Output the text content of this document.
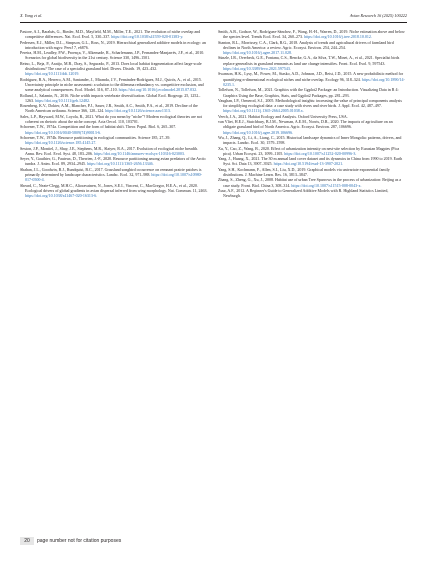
X. Yang et al.	Avian Research 16 (2025) 100222

Pastore, A.I., Barabás, G., Bimler, M.D., Mayfield, M.M., Miller, T.E., 2021. The evolution of niche overlap and competitive differences. Nat. Ecol. Evol. 5, 330–337. https://doi.org/10.1038/s41559-020-01383-y.

Pedersen, E.J., Miller, D.L., Simpson, G.L., Ross, N., 2019. Hierarchical generalized additive models in ecology: an introduction with mgcv. PeerJ 7, e6876.

Pereira, H.M., Leadley, P.W., Proença, V., Alkemade, R., Scharlemann, J.P., Fernandez-Manjarrés, J.F., et al., 2010. Scenarios for global biodiversity in the 21st century. Science 330, 1496–1501.

Reino, L., Beja, P., Araújo, M.B., Dray, S., Segurado, P., 2013. Does local habitat fragmentation affect large-scale distributions? The case of a specialist grassland bird. Divers. Distrib. 19, 423–432. https://doi.org/10.1111/ddi.12019.

Rodríguez, B.A., Herrero, A.M., Santander, J., Miranda, J.V., Fernández-Rodríguez, M.J., Quirós, A., et al., 2015. Uncertainty principle in niche assessment: a solution to the dilemma redundancy vs. competitive exclusion, and some analytical consequences. Ecol. Model. 316, 87–110. https://doi.org/10.1016/j.ecolmodel.2015.07.032.

Rolland, J., Salamin, N., 2016. Niche width impacts vertebrate diversification. Global Ecol. Biogeogr. 25, 1252–1263. https://doi.org/10.1111/geb.12482.

Rosenberg, K.V., Dokter, A.M., Blancher, P.J., Sauer, J.R., Smith, A.C., Smith, P.A., et al., 2019. Decline of the North American avifauna. Science 366, 120–124. https://doi.org/10.1126/science.aaw1313.

Sales, L.P., Hayward, M.W., Loyola, R., 2021. What do you mean by "niche"? Modern ecological theories are not coherent on rhetoric about the niche concept. Acta Oecol. 110, 103701.

Schoener, T.W., 1974a. Competition and the form of habitat shift. Theor. Popul. Biol. 6, 265–307. https://doi.org/10.1016/0040-5809(74)90013-6.

Schoener, T.W., 1974b. Resource partitioning in ecological communities. Science 185, 27–39. https://doi.org/10.1126/science.185.4145.27.

Sexton, J.P., Montiel, J., Shay, J.E., Stephens, M.R., Slatyer, R.A., 2017. Evolution of ecological niche breadth. Annu. Rev. Ecol. Evol. Syst. 48, 183–206. https://doi.org/10.1146/annurev-ecolsys-110316-023003.

Seyer, Y., Gauthier, G., Fauteux, D., Therrien, J.-F., 2020. Resource partitioning among avian predators of the Arctic tundra. J. Anim. Ecol. 89, 2934–2945. https://doi.org/10.1111/1365-2656.13346.

Shahan, J.L., Goodwin, B.J., Rundquist, B.C., 2017. Grassland songbird occurrence on remnant prairie patches is primarily determined by landscape characteristics. Landsc. Ecol. 32, 971–988. https://doi.org/10.1007/s10980-017-0500-4.

Sheard, C., Neate-Clegg, M.H.C., Alioravainen, N., Jones, S.E.I., Vincent, C., MacGregor, H.E.A., et al., 2020. Ecological drivers of global gradients in avian dispersal inferred from wing morphology. Nat. Commun. 11, 2463. https://doi.org/10.1038/s41467-020-16313-6.

Smith, A.B., Godsoe, W., Rodríguez-Sánchez, F., Wang, H.-H., Warren, D., 2019. Niche estimation above and below the species level. Trends Ecol. Evol. 34, 260–273. https://doi.org/10.1016/j.tree.2018.10.012.

Stanton, R.L., Morrissey, C.A., Clark, R.G., 2018. Analysis of trends and agricultural drivers of farmland bird declines in North America: a review. Agric. Ecosyst. Environ. 254, 244–254. https://doi.org/10.1016/j.agee.2017.11.028.

Sünzle, I.R., Overbeck, G.E., Fontana, C.S., Bencke, G.A., da Silva, T.W., Minet, A., et al., 2021. Specialist birds replace generalists in grassland remnants as land use change intensifies. Front. Ecol. Evol. 9, 597543. https://doi.org/10.3389/fevo.2021.597543.

Swanson, H.K., Lysy, M., Power, M., Stasko, A.D., Johnson, J.D., Reist, J.D., 2015. A new probabilistic method for quantifying n-dimensional ecological niches and niche overlap. Ecology 96, 318–324. https://doi.org/10.1890/14-0235.1.

Tollefson, N., Tollefson, M., 2021. Graphics with the Ggplot2 Package: an Introduction. Visualizing Data in R 4: Graphics Using the Base, Graphics, Stats, and Ggplot2 Packages, pp. 281–293.

Vaughan, I.P., Ormerod, S.J., 2005. Methodological insights: increasing the value of principal components analysis for simplifying ecological data: a case study with rivers and river birds. J. Appl. Ecol. 42, 487–497. https://doi.org/10.1111/j.1365-2664.2005.01038.x.

Veech, J.A., 2021. Habitat Ecology and Analysis. Oxford University Press, USA.

van Vliet, H.E.J., Stutchbury, B.J.M., Newman, A.E.M., Norris, D.R., 2020. The impacts of agriculture on an obligate grassland bird of North America. Agric. Ecosyst. Environ. 287, 106696. https://doi.org/10.1016/j.agee.2019.106696.

Wu, J., Zhang, Q., Li, A., Liang, C., 2015. Historical landscape dynamics of Inner Mongolia: patterns, drivers, and impacts. Landsc. Ecol. 30, 1579–1598.

Xu, Y., Cao, Z., Wang, B., 2020. Effect of urbanization intensity on nest-site selection by Eurasian Magpies (Pica pica). Urban Ecosyst. 23, 1099–1105. https://doi.org/10.1007/s11252-020-00996-3.

Yang, J., Huang, X., 2021. The 30 m annual land cover dataset and its dynamics in China from 1990 to 2019. Earth Syst. Sci. Data 13, 3907–3925. https://doi.org/10.5194/essd-13-3907-2021.

Yang, S.H., Kochmann, F., Allen, S.I., Liu, X.D., 2019. Graphical models via univariate exponential family distributions. J. Machine Learn. Res. 16, 3813–3847.

Zhang, S., Zheng, G., Xu, J., 2008. Habitat use of urban Tree Sparrows in the process of urbanization: Beijing as a case study. Front. Biol. China 3, 308–314. https://doi.org/10.1007/s11515-008-0043-x.

Zuur, A.F., 2012. A Beginner's Guide to Generalized Additive Models with R. Highland Statistics Limited, Newburgh.

20	page number not for citation purposes
